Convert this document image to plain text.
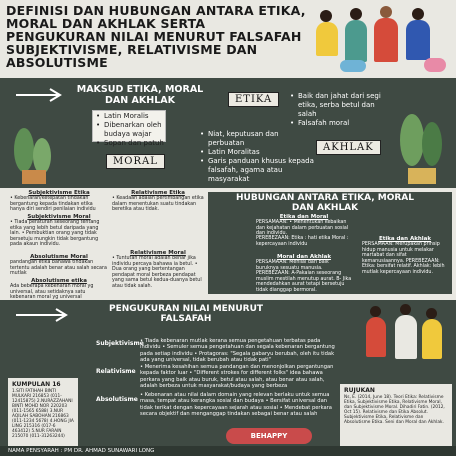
DEFINISI DAN HUBUNGAN ANTARA ETIKA, MORAL DAN AKHLAK SERTA PENGUKURAN NILAI MENURUT FALSAFAH SUBJEKTIVISME, RELATIVISME DAN ABSOLUTISME
MAKSUD ETIKA, MORAL DAN AKHLAK
• Latin Moralis
• Dibenarkan oleh budaya wajar
• Sopan dan patuh
ETIKA
•	Baik dan jahat dari segi etika, serba betul dan salah
• Falsafah moral
MORAL
• Niat, keputusan dan perbuatan
• Latin Moralitas
• Garis panduan khusus kepada falsafah, agama atau masyarakat
AKHLAK
Subjektivisme Etika
• Kebenaran/ketepatan tindakan bergantung kepada tindakan etika hanya diri sendiri penilaian individu
Subjektivisme Moral
• Tiada peraturan seseorang tentang etika yang lebih betul daripada yang lain. • Pembuktian orang yang tidak bersetuju mungkin tidak bergantung pada akaun individu.
Absolutisme Moral
pandangan etika bahawa tindakan tertentu adalah benar atau salah secara mutlak
Absolutisme etika
Ada beberapa kebenaran moral yg universal, atau setidaknya satu kebenaran moral yg universal
Relativisme Etika
• Keadaan adalah pertimbangan etika dalam menentukan suatu tindakan beretika atau tidak.
Relativisme Moral
• Tuntutan moral adalah benar jika individu percaya bahawa ia betul. • Dua orang yang bertentangan pendapat moral berbeza pendapat yang sama betul kedua-duanya betul atau tidak salah.
HUBUNGAN ANTARA ETIKA, MORAL DAN AKHLAK
Etika dan Moral
PERSAMAAN: • Menentukan kebaikan dan kejahatan dalam perbuatan sosial dan individu.
PEREBEZAAN: Etika : hati etika Moral : kepercayaan individu
Moral dan Akhlak
PERSAMAAN: Menilai dari baik buruknya sesuatu manusia. PEREBEZAAN: A-Pakaian seseorang muslim mestilah menutup aurat. B- Jika mendedahkan aurat tetapi bersetuju tidak dianggap bermoral.
Etika dan Akhlak
PERSAMAAN: Merupakan prinsip hidup manusia untuk melakar martabat dan sifat kemanusiaannya. PEREBEZAAN: Etika: bersifat relatif. Akhlak: lebih mutlak kepercayaan individu.
PENGUKURAN NILAI MENURUT FALSAFAH
Subjektivisme
• Tiada kebenaran mutlak kerana semua pengetahuan terbatas pada individu • Semuler semua pengetahuan dan segala kebenaran bergantung pada setiap individu • Protagoras: "Segala gabaryu berubah, oleh itu tidak ada yang universal, tidak berubah atau tidak pati"
Relativisme
• Menerima kesahihan semua pandangan dan menonjolkan pergantungan kepada faktor luar • "Different strokes for different folks" idea bahawa perkara yang baik atau buruk, betul atau salah, atau benar atau salah, adalah berbeza untuk masyarakat/budaya yang berbeza
Absolutisme
• Kebenaran atau nilai dalam domain yang relevan berlaku untuk semua masa, tempat atau kerangka sosial dan budaya • Bersifat universal dan tidak terikat dengan kepercayaan sejarah atau sosial • Mendebat perkara secara objektif dan menganggap tindakan sebagai benar atau salah
KUMPULAN 16
1.SITI FATIHAH BINTI MULKARI 216853 (011-12415875) 2.NURAZZAHANI BINTI MOHD NOR 220203 (011-1565 6588) 3.NUR AQILAH SABOHAN 216863 (011-1234 5678) 4.HONG JIA LING 215316 (017-6 463412) 5.NUR FARAIN 215070 (011-31263244)
RUJUKAN
Ns, E. (2014, June 18). Teori Etika: Relativisme Etika, Subjektivisme Etika, Relativisme Moral, dan Subjektivisme Moral. Dihadiri Fatin. (2012, Oct 15). Relativisme dan Etika Absolut. Subjektivisme Etika, Relativisme dan Absolutisme Etika. Seni dan Moral dan Akhlak.
BEHAPPY
NAMA PENSYARAH : PM DR. AHMAD SUNAWARI LONG
